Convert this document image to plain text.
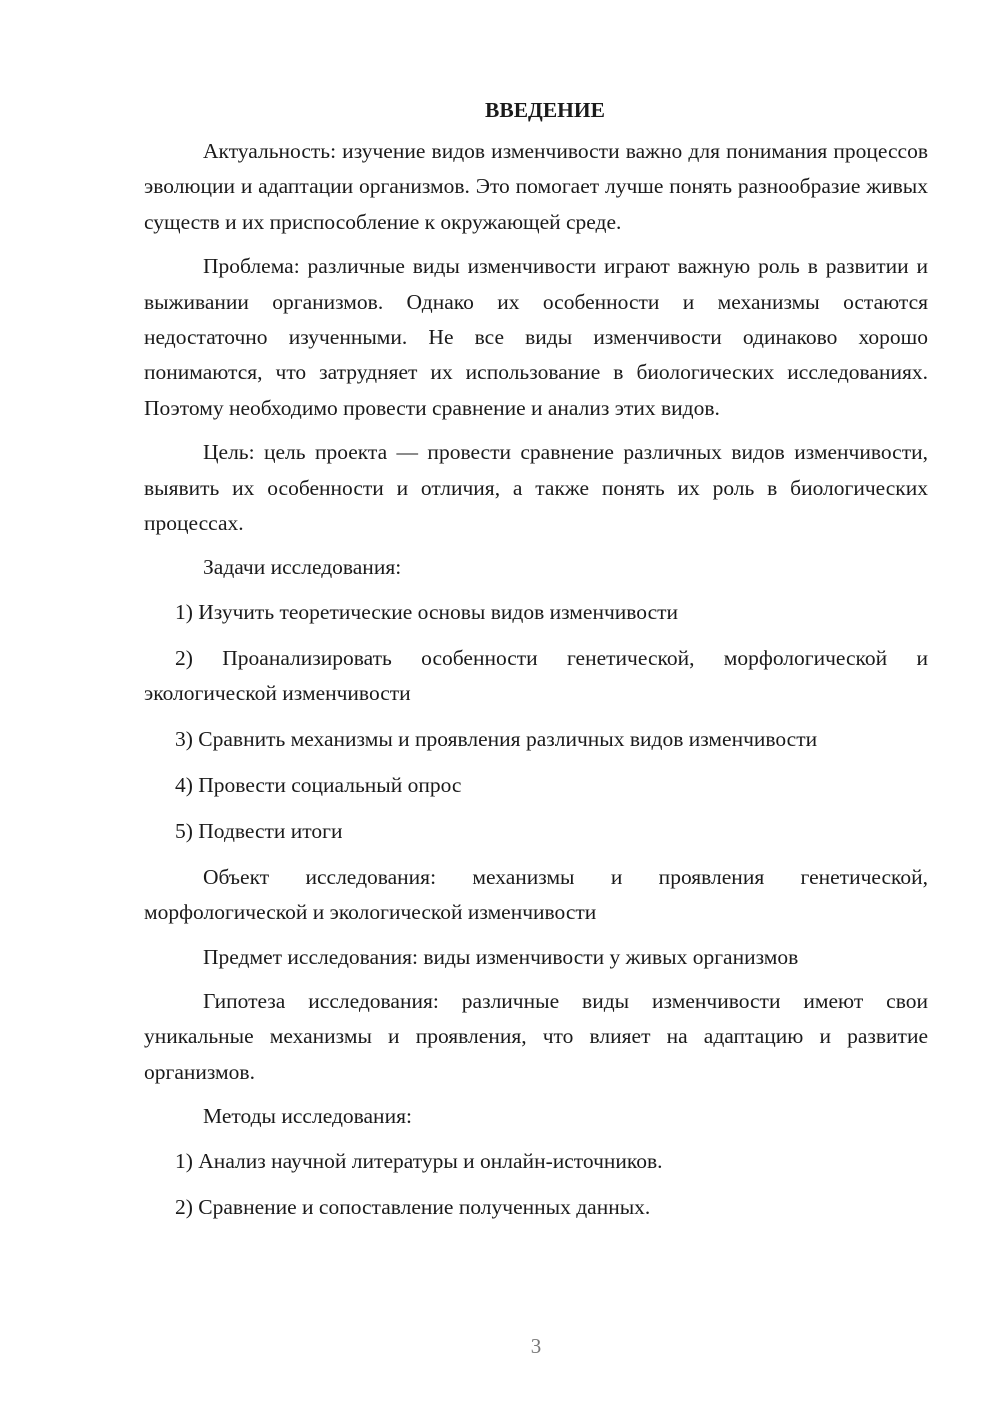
ВВЕДЕНИЕ

Актуальность: изучение видов изменчивости важно для понимания процессов эволюции и адаптации организмов. Это помогает лучше понять разнообразие живых существ и их приспособление к окружающей среде.

Проблема: различные виды изменчивости играют важную роль в развитии и выживании организмов. Однако их особенности и механизмы остаются недостаточно изученными. Не все виды изменчивости одинаково хорошо понимаются, что затрудняет их использование в биологических исследованиях. Поэтому необходимо провести сравнение и анализ этих видов.

Цель: цель проекта — провести сравнение различных видов изменчивости, выявить их особенности и отличия, а также понять их роль в биологических процессах.

Задачи исследования:

1) Изучить теоретические основы видов изменчивости

2) Проанализировать особенности генетической, морфологической и экологической изменчивости

3) Сравнить механизмы и проявления различных видов изменчивости

4) Провести социальный опрос

5) Подвести итоги

Объект исследования: механизмы и проявления генетической, морфологической и экологической изменчивости

Предмет исследования: виды изменчивости у живых организмов

Гипотеза исследования: различные виды изменчивости имеют свои уникальные механизмы и проявления, что влияет на адаптацию и развитие организмов.

Методы исследования:

1) Анализ научной литературы и онлайн-источников.

2) Сравнение и сопоставление полученных данных.

3
